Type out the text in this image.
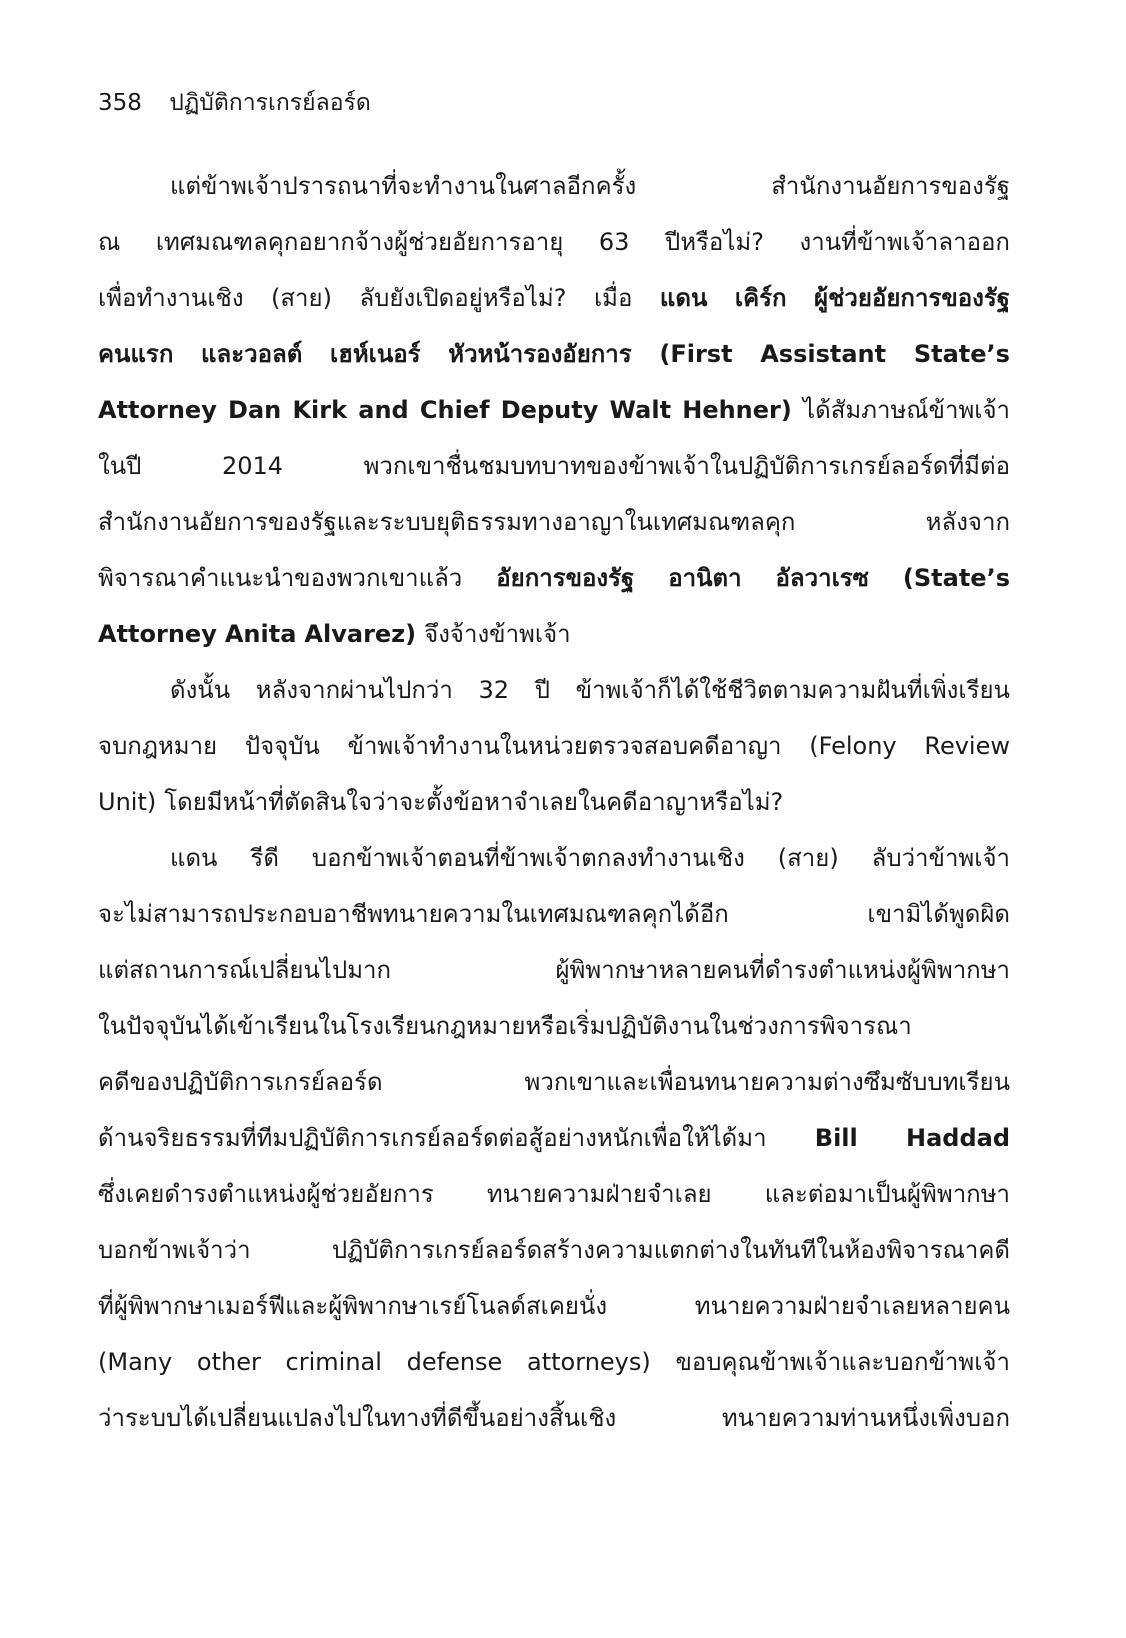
358 ปฏิบัติการเกรย์ลอร์ด
แต่ข้าพเจ้าปรารถนาที่จะทำงานในศาลอีกครั้ง	สำนักงานอัยการของรัฐ
ณ เทศมณฑลคุกอยากจ้างผู้ช่วยอัยการอายุ 63 ปีหรือไม่? งานที่ข้าพเจ้าลาออก
เพื่อทำงานเชิง (สาย) ลับยังเปิดอยู่หรือไม่? เมื่อ แดน เคิร์ก ผู้ช่วยอัยการของรัฐ
คนแรก และวอลต์ เฮห์เนอร์ หัวหน้ารองอัยการ (First Assistant State’s
Attorney Dan Kirk and Chief Deputy Walt Hehner) ได้สัมภาษณ์ข้าพเจ้า
ในปี	2014	พวกเขาชื่นชมบทบาทของข้าพเจ้าในปฏิบัติการเกรย์ลอร์ดที่มีต่อ
สำนักงานอัยการของรัฐและระบบยุติธรรมทางอาญาในเทศมณฑลคุก	หลังจาก
พิจารณาคำแนะนำของพวกเขาแล้ว อัยการของรัฐ อานิตา อัลวาเรซ (State’s
Attorney Anita Alvarez) จึงจ้างข้าพเจ้า
ดังนั้น หลังจากผ่านไปกว่า 32 ปี ข้าพเจ้าก็ได้ใช้ชีวิตตามความฝันที่เพิ่งเรียน
จบกฎหมาย ปัจจุบัน ข้าพเจ้าทำงานในหน่วยตรวจสอบคดีอาญา (Felony Review
Unit) โดยมีหน้าที่ตัดสินใจว่าจะตั้งข้อหาจำเลยในคดีอาญาหรือไม่?
แดน รีดี บอกข้าพเจ้าตอนที่ข้าพเจ้าตกลงทำงานเชิง (สาย) ลับว่าข้าพเจ้า
จะไม่สามารถประกอบอาชีพทนายความในเทศมณฑลคุกได้อีก	เขามิได้พูดผิด
แต่สถานการณ์เปลี่ยนไปมาก	ผู้พิพากษาหลายคนที่ดำรงตำแหน่งผู้พิพากษา
ในปัจจุบันได้เข้าเรียนในโรงเรียนกฎหมายหรือเริ่มปฏิบัติงานในช่วงการพิจารณา
คดีของปฏิบัติการเกรย์ลอร์ด	พวกเขาและเพื่อนทนายความต่างซึมซับบทเรียน
ด้านจริยธรรมที่ทีมปฏิบัติการเกรย์ลอร์ดต่อสู้อย่างหนักเพื่อให้ได้มา Bill Haddad
ซึ่งเคยดำรงตำแหน่งผู้ช่วยอัยการ ทนายความฝ่ายจำเลย และต่อมาเป็นผู้พิพากษา
บอกข้าพเจ้าว่า	ปฏิบัติการเกรย์ลอร์ดสร้างความแตกต่างในทันทีในห้องพิจารณาคดี
ที่ผู้พิพากษาเมอร์ฟีและผู้พิพากษาเรย์โนลด์สเคยนั่ง	ทนายความฝ่ายจำเลยหลายคน
(Many other criminal defense attorneys) ขอบคุณข้าพเจ้าและบอกข้าพเจ้า
ว่าระบบได้เปลี่ยนแปลงไปในทางที่ดีขึ้นอย่างสิ้นเชิง	ทนายความท่านหนึ่งเพิ่งบอก
